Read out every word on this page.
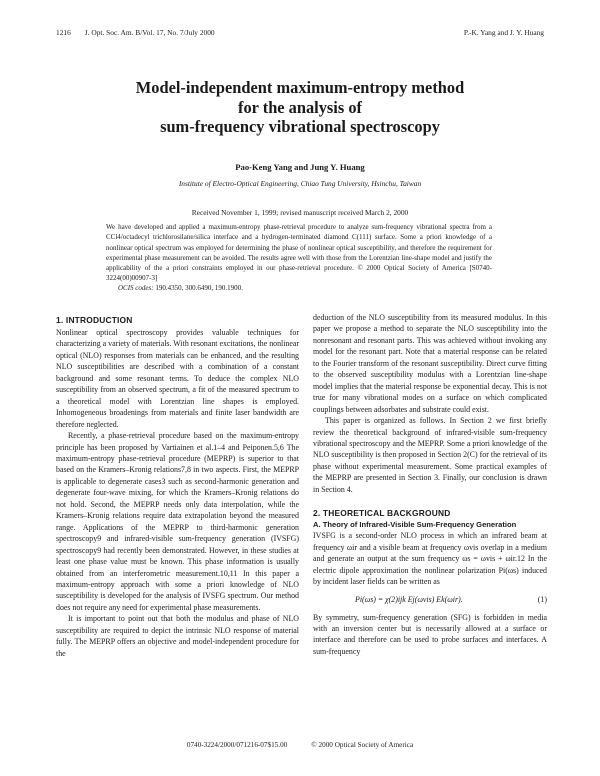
1216 J. Opt. Soc. Am. B/Vol. 17, No. 7/July 2000	P.-K. Yang and J. Y. Huang
Model-independent maximum-entropy method
for the analysis of
sum-frequency vibrational spectroscopy
Pao-Keng Yang and Jung Y. Huang
Institute of Electro-Optical Engineering, Chiao Tung University, Hsinchu, Taiwan
Received November 1, 1999; revised manuscript received March 2, 2000

We have developed and applied a maximum-entropy phase-retrieval procedure to analyze sum-frequency vibrational spectra from a CCl4/octadecyl trichlorosilane/silica interface and a hydrogen-terminated diamond C(111) surface. Some a priori knowledge of a nonlinear optical spectrum was employed for determining the phase of nonlinear optical susceptibility, and therefore the requirement for experimental phase measurement can be avoided. The results agree well with those from the Lorentzian line-shape model and justify the applicability of the a priori constraints employed in our phase-retrieval procedure. © 2000 Optical Society of America [S0740-3224(00)00907-3]

OCIS codes: 190.4350, 300.6490, 190.1900.
1. INTRODUCTION

Nonlinear optical spectroscopy provides valuable techniques for characterizing a variety of materials. With resonant excitations, the nonlinear optical (NLO) responses from materials can be enhanced, and the resulting NLO susceptibilities are described with a combination of a constant background and some resonant terms. To deduce the complex NLO susceptibility from an observed spectrum, a fit of the measured spectrum to a theoretical model with Lorentzian line shapes is employed. Inhomogeneous broadenings from materials and finite laser bandwidth are therefore neglected.

Recently, a phase-retrieval procedure based on the maximum-entropy principle has been proposed by Vartiainen et al.1–4 and Peiponen.5,6 The maximum-entropy phase-retrieval procedure (MEPRP) is superior to that based on the Kramers–Kronig relations7,8 in two aspects. First, the MEPRP is applicable to degenerate cases3 such as second-harmonic generation and degenerate four-wave mixing, for which the Kramers–Kronig relations do not hold. Second, the MEPRP needs only data interpolation, while the Kramers–Kronig relations require data extrapolation beyond the measured range. Applications of the MEPRP to third-harmonic generation spectroscopy9 and infrared-visible sum-frequency generation (IVSFG) spectroscopy9 had recently been demonstrated. However, in these studies at least one phase value must be known. This phase information is usually obtained from an interferometric measurement.10,11 In this paper a maximum-entropy approach with some a priori knowledge of NLO susceptibility is developed for the analysis of IVSFG spectrum. Our method does not require any need for experimental phase measurements.

It is important to point out that both the modulus and phase of NLO susceptibility are required to depict the intrinsic NLO response of material fully. The MEPRP offers an objective and model-independent procedure for the

deduction of the NLO susceptibility from its measured modulus. In this paper we propose a method to separate the NLO susceptibility into the nonresonant and resonant parts. This was achieved without invoking any model for the resonant part. Note that a material response can be related to the Fourier transform of the resonant susceptibility. Direct curve fitting to the observed susceptibility modulus with a Lorentzian line-shape model implies that the material response be exponential decay. This is not true for many vibrational modes on a surface on which complicated couplings between adsorbates and substrate could exist.

This paper is organized as follows. In Section 2 we first briefly review the theoretical background of infrared-visible sum-frequency vibrational spectroscopy and the MEPRP. Some a priori knowledge of the NLO susceptibility is then proposed in Section 2(C) for the retrieval of its phase without experimental measurement. Some practical examples of the MEPRP are presented in Section 3. Finally, our conclusion is drawn in Section 4.

2. THEORETICAL BACKGROUND
A. Theory of Infrared-Visible Sum-Frequency Generation

IVSFG is a second-order NLO process in which an infrared beam at frequency ωir and a visible beam at frequency ωvis overlap in a medium and generate an output at the sum frequency ωs = ωvis + ωir.12 In the electric dipole approximation the nonlinear polarization Pi(ωs) induced by incident laser fields can be written as

Pi(ωs) = χ(2)ijk Ej(ωvis) Ek(ωir).	(1)

By symmetry, sum-frequency generation (SFG) is forbidden in media with an inversion center but is necessarily allowed at a surface or interface and therefore can be used to probe surfaces and interfaces. A sum-frequency

0740-3224/2000/071216-07$15.00	© 2000 Optical Society of America
